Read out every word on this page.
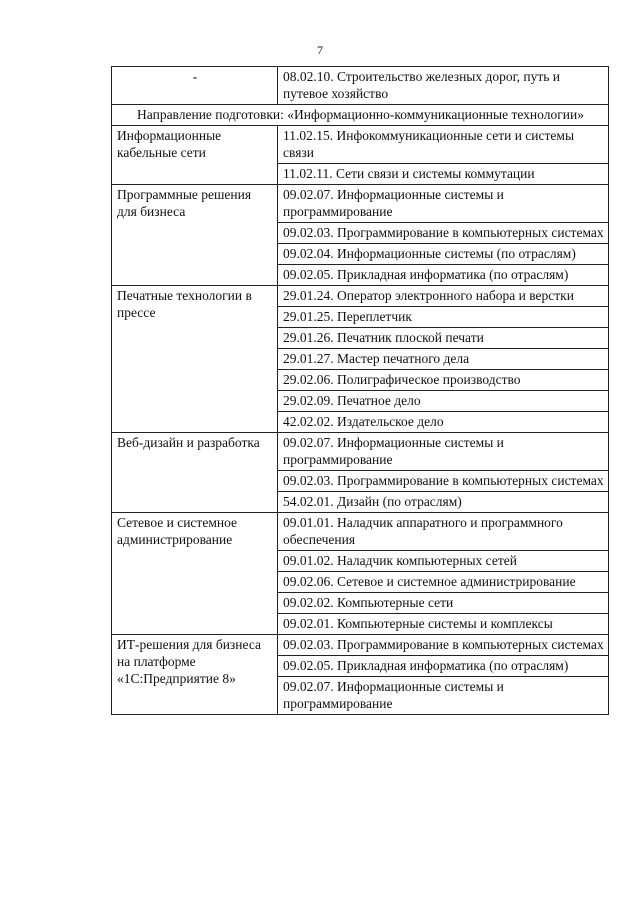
7
-	08.02.10. Строительство железных дорог, путь и путевое хозяйство
Направление подготовки: «Информационно-коммуникационные технологии»	
Информационные кабельные сети	11.02.15. Инфокоммуникационные сети и системы связи
	11.02.11. Сети связи и системы коммутации
Программные решения для бизнеса	09.02.07. Информационные системы и программирование
	09.02.03. Программирование в компьютерных системах
	09.02.04. Информационные системы (по отраслям)
	09.02.05. Прикладная информатика (по отраслям)
Печатные технологии в прессе	29.01.24. Оператор электронного набора и верстки
	29.01.25. Переплетчик
	29.01.26. Печатник плоской печати
	29.01.27. Мастер печатного дела
	29.02.06. Полиграфическое производство
	29.02.09. Печатное дело
	42.02.02. Издательское дело
Веб-дизайн и разработка	09.02.07. Информационные системы и программирование
	09.02.03. Программирование в компьютерных системах
	54.02.01. Дизайн (по отраслям)
Сетевое и системное администрирование	09.01.01. Наладчик аппаратного и программного обеспечения
	09.01.02. Наладчик компьютерных сетей
	09.02.06. Сетевое и системное администрирование
	09.02.02. Компьютерные сети
	09.02.01. Компьютерные системы и комплексы
ИТ-решения для бизнеса на платформе «1С:Предприятие 8»	09.02.03. Программирование в компьютерных системах
	09.02.05. Прикладная информатика (по отраслям)
	09.02.07. Информационные системы и программирование
